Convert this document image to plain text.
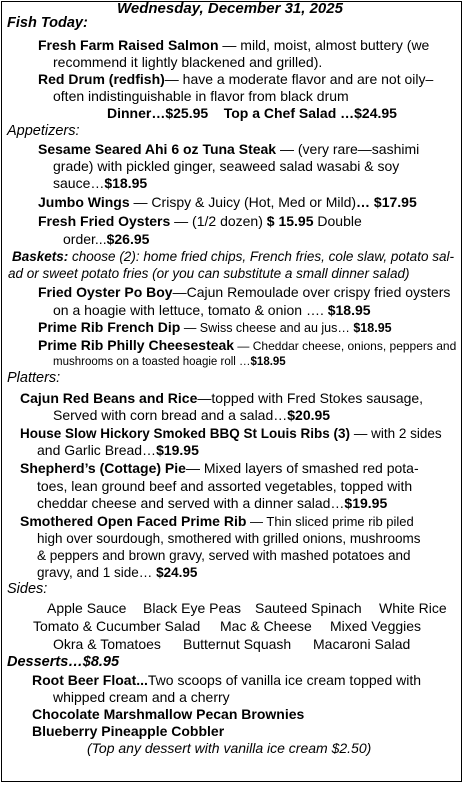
Wednesday, December 31, 2025
Fish Today:
Fresh Farm Raised Salmon — mild, moist, almost buttery (we
recommend it lightly blackened and grilled).
Red Drum (redfish)— have a moderate flavor and are not oily–
often indistinguishable in flavor from black drum
Dinner…$25.95    Top a Chef Salad …$24.95
Appetizers:
Sesame Seared Ahi 6 oz Tuna Steak — (very rare—sashimi
grade) with pickled ginger, seaweed salad wasabi & soy
sauce…$18.95
Jumbo Wings — Crispy & Juicy (Hot, Med or Mild)… $17.95
Fresh Fried Oysters — (1/2 dozen) $ 15.95 Double
order...$26.95
Baskets: choose (2): home fried chips, French fries, cole slaw, potato sal-
ad or sweet potato fries (or you can substitute a small dinner salad)
Fried Oyster Po Boy—Cajun Remoulade over crispy fried oysters
on a hoagie with lettuce, tomato & onion …. $18.95
Prime Rib French Dip — Swiss cheese and au jus… $18.95
Prime Rib Philly Cheesesteak — Cheddar cheese, onions, peppers and
mushrooms on a toasted hoagie roll …$18.95
Platters:
Cajun Red Beans and Rice—topped with Fred Stokes sausage,
Served with corn bread and a salad…$20.95
House Slow Hickory Smoked BBQ St Louis Ribs (3) — with 2 sides
and Garlic Bread…$19.95
Shepherd’s (Cottage) Pie— Mixed layers of smashed red pota-
toes, lean ground beef and assorted vegetables, topped with
cheddar cheese and served with a dinner salad…$19.95
Smothered Open Faced Prime Rib — Thin sliced prime rib piled
high over sourdough, smothered with grilled onions, mushrooms
& peppers and brown gravy, served with mashed potatoes and
gravy, and 1 side… $24.95
Sides:
Apple Sauce Black Eye Peas Sauteed Spinach White Rice
Tomato & Cucumber Salad Mac & Cheese Mixed Veggies
Okra & Tomatoes Butternut Squash Macaroni Salad
Desserts…$8.95
Root Beer Float...Two scoops of vanilla ice cream topped with
whipped cream and a cherry
Chocolate Marshmallow Pecan Brownies
Blueberry Pineapple Cobbler
(Top any dessert with vanilla ice cream $2.50)
